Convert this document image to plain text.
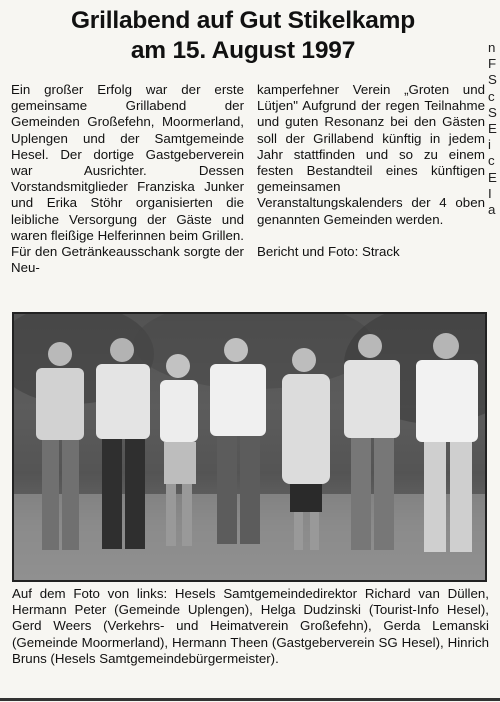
Grillabend auf Gut Stikelkamp
am 15. August 1997

Ein großer Erfolg war der erste gemeinsame Grillabend der Gemeinden Großefehn, Moormerland, Uplengen und der Samtgemeinde Hesel. Der dortige Gastgeberverein war Ausrichter. Dessen Vorstandsmitglieder Franziska Junker und Erika Stöhr organisierten die leibliche Versorgung der Gäste und waren fleißige Helferinnen beim Grillen. Für den Getränkeausschank sorgte der Neu-

kamperfehner Verein „Groten und Lütjen" Aufgrund der regen Teilnahme und guten Resonanz bei den Gästen soll der Grillabend künftig in jedem Jahr stattfinden und so zu einem festen Bestandteil eines künftigen gemeinsamen Veranstaltungskalenders der 4 oben genannten Gemeinden werden.

Bericht und Foto: Strack

n
F
S
c
S
E
i
c
E
I
a
Auf dem Foto von links: Hesels Samtgemeindedirektor Richard van Düllen, Hermann Peter (Gemeinde Uplengen), Helga Dudzinski (Tourist-Info Hesel), Gerd Weers (Verkehrs- und Heimatverein Großefehn), Gerda Lemanski (Gemeinde Moormerland), Hermann Theen (Gastgeberverein SG Hesel), Hinrich Bruns (Hesels Samtgemeindebürgermeister).
